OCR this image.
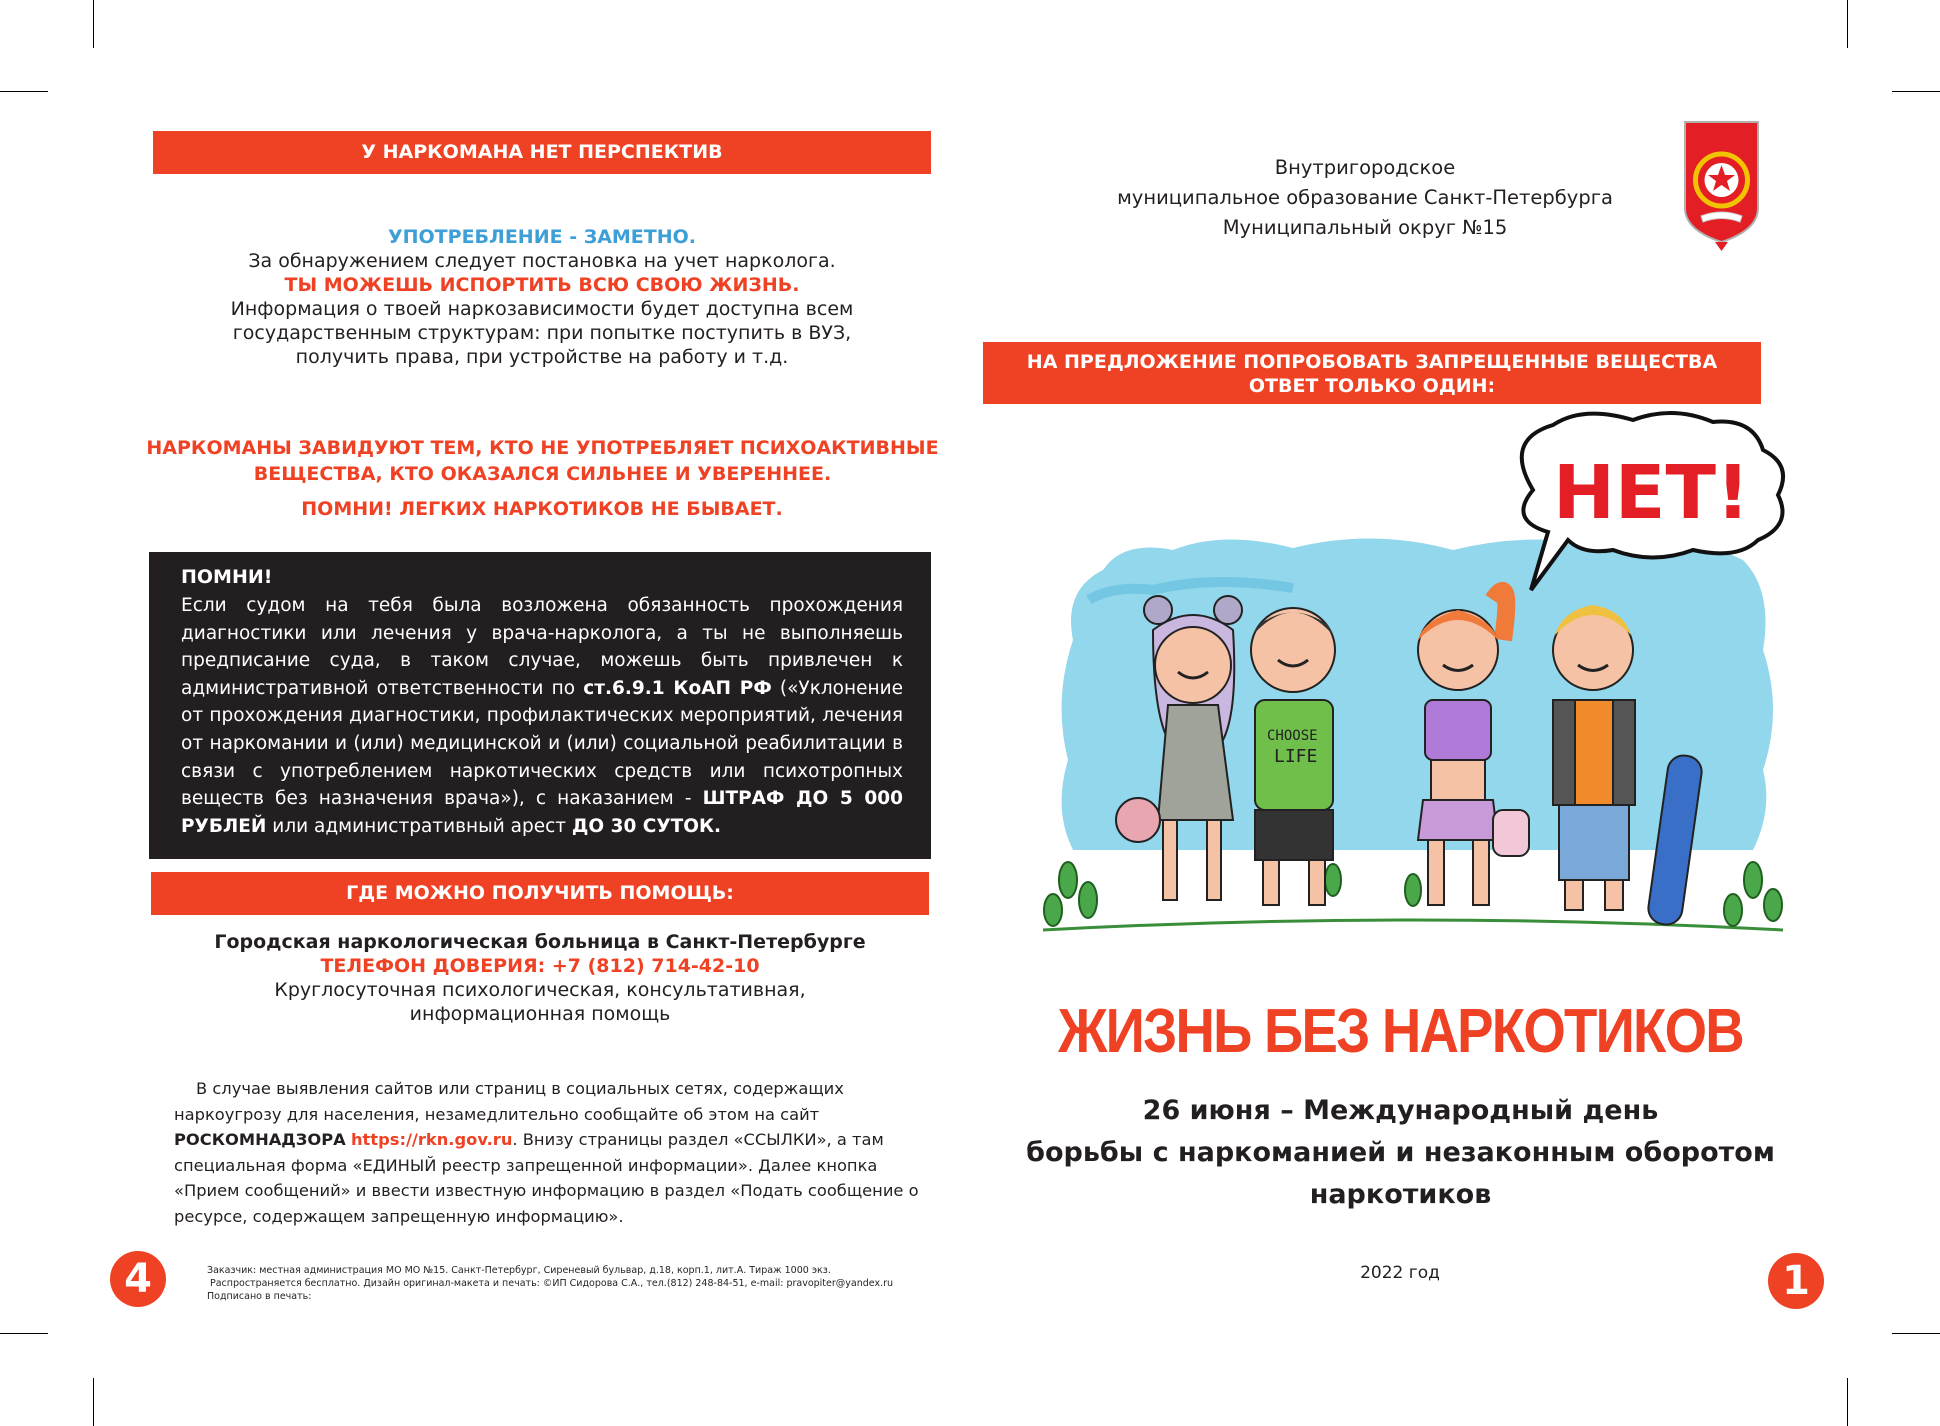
У НАРКОМАНА НЕТ ПЕРСПЕКТИВ
УПОТРЕБЛЕНИЕ - ЗАМЕТНО.
За обнаружением следует постановка на учет нарколога.
ТЫ МОЖЕШЬ ИСПОРТИТЬ ВСЮ СВОЮ ЖИЗНЬ.
Информация о твоей наркозависимости будет доступна всем
государственным структурам: при попытке поступить в ВУЗ,
получить права, при устройстве на работу и т.д.
НАРКОМАНЫ ЗАВИДУЮТ ТЕМ, КТО НЕ УПОТРЕБЛЯЕТ ПСИХОАКТИВНЫЕ
ВЕЩЕСТВА, КТО ОКАЗАЛСЯ СИЛЬНЕЕ И УВЕРЕННЕЕ.
ПОМНИ! ЛЕГКИХ НАРКОТИКОВ НЕ БЫВАЕТ.
ПОМНИ!
Если судом на тебя была возложена обязанность прохождения диагностики или лечения у врача-нарколога, а ты не выполняешь предписание суда, в таком случае, можешь быть привлечен к административной ответственности по ст.6.9.1 КоАП РФ («Уклонение от прохождения диагностики, профилактических мероприятий, лечения от наркомании и (или) медицинской и (или) социальной реабилитации в связи с употреблением наркотических средств или психотропных веществ без назначения врача»), с наказанием - ШТРАФ ДО 5 000 РУБЛЕЙ или административный арест ДО 30 СУТОК.
ГДЕ МОЖНО ПОЛУЧИТЬ ПОМОЩЬ:
Городская наркологическая больница в Санкт-Петербурге
ТЕЛЕФОН ДОВЕРИЯ: +7 (812) 714-42-10
Круглосуточная психологическая, консультативная,
информационная помощь
В случае выявления сайтов или страниц в социальных сетях, содержащих наркоугрозу для населения, незамедлительно сообщайте об этом на сайт РОСКОМНАДЗОРА https://rkn.gov.ru. Внизу страницы раздел «ССЫЛКИ», а там специальная форма «ЕДИНЫЙ реестр запрещенной информации». Далее кнопка «Прием сообщений» и ввести известную информацию в раздел «Подать сообщение о ресурсе, содержащем запрещенную информацию».
4	Заказчик: местная администрация МО МО №15. Санкт-Петербург, Сиреневый бульвар, д.18, корп.1, лит.А. Тираж 1000 экз.
Распространяется бесплатно. Дизайн оригинал-макета и печать: ©ИП Сидорова С.А., тел.(812) 248-84-51, e-mail: pravopiter@yandex.ru
Подписано в печать:
Внутригородское
муниципальное образование Санкт-Петербурга
Муниципальный округ №15
НА ПРЕДЛОЖЕНИЕ ПОПРОБОВАТЬ ЗАПРЕЩЕННЫЕ ВЕЩЕСТВА
ОТВЕТ ТОЛЬКО ОДИН:
НЕТ!
CHOOSE
LIFE
ЖИЗНЬ БЕЗ НАРКОТИКОВ
26 июня – Международный день
борьбы с наркоманией и незаконным оборотом
наркотиков
2022 год	1
